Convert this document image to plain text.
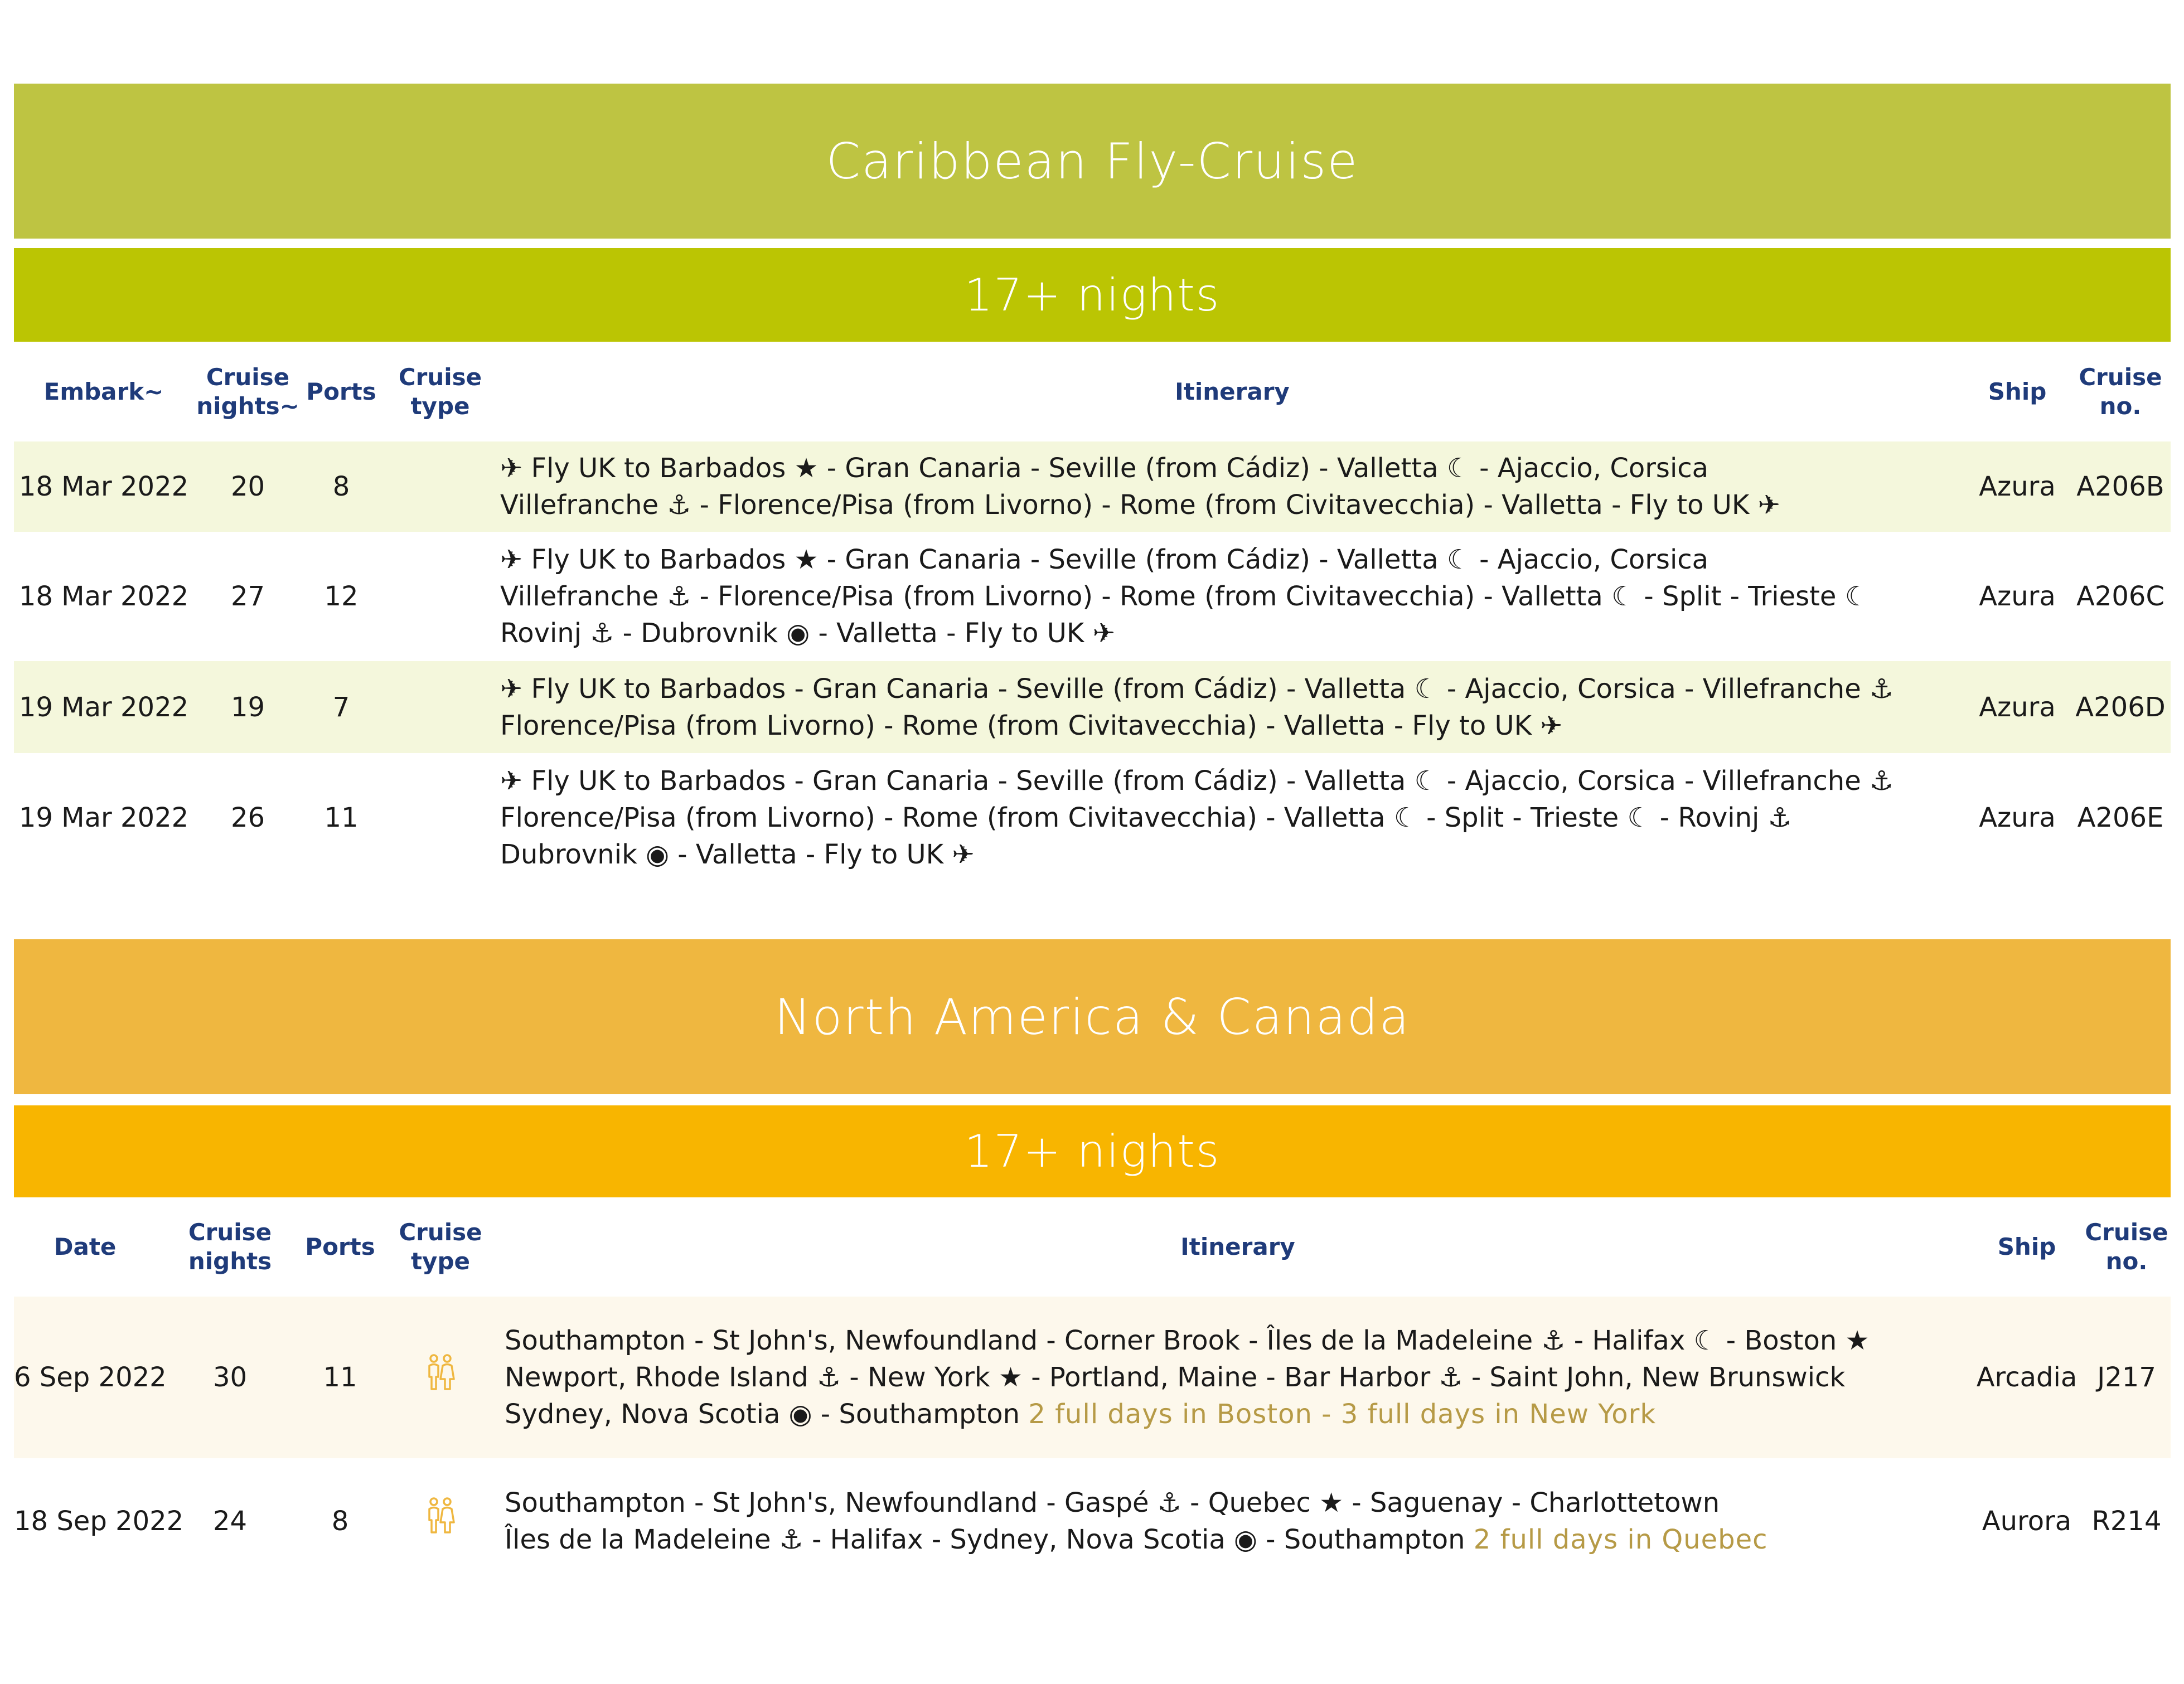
Caribbean Fly-Cruise
17+ nights
Embark~	Cruise nights~	Ports	Cruise type	Itinerary	Ship	Cruise no.
18 Mar 2022	20	8		✈ Fly UK to Barbados ★ - Gran Canaria - Seville (from Cádiz) - Valletta ☾ - Ajaccio, Corsica
Villefranche ⚓ - Florence/Pisa (from Livorno) - Rome (from Civitavecchia) - Valletta - Fly to UK ✈	Azura	A206B
18 Mar 2022	27	12		✈ Fly UK to Barbados ★ - Gran Canaria - Seville (from Cádiz) - Valletta ☾ - Ajaccio, Corsica
Villefranche ⚓ - Florence/Pisa (from Livorno) - Rome (from Civitavecchia) - Valletta ☾ - Split - Trieste ☾
Rovinj ⚓ - Dubrovnik ◉ - Valletta - Fly to UK ✈	Azura	A206C
19 Mar 2022	19	7		✈ Fly UK to Barbados - Gran Canaria - Seville (from Cádiz) - Valletta ☾ - Ajaccio, Corsica - Villefranche ⚓
Florence/Pisa (from Livorno) - Rome (from Civitavecchia) - Valletta - Fly to UK ✈	Azura	A206D
19 Mar 2022	26	11		✈ Fly UK to Barbados - Gran Canaria - Seville (from Cádiz) - Valletta ☾ - Ajaccio, Corsica - Villefranche ⚓
Florence/Pisa (from Livorno) - Rome (from Civitavecchia) - Valletta ☾ - Split - Trieste ☾ - Rovinj ⚓
Dubrovnik ◉ - Valletta - Fly to UK ✈	Azura	A206E
North America & Canada
17+ nights
Date	Cruise nights	Ports	Cruise type	Itinerary	Ship	Cruise no.
6 Sep 2022	30	11		Southampton - St John's, Newfoundland - Corner Brook - Îles de la Madeleine ⚓ - Halifax ☾ - Boston ★
Newport, Rhode Island ⚓ - New York ★ - Portland, Maine - Bar Harbor ⚓ - Saint John, New Brunswick
Sydney, Nova Scotia ◉ - Southampton 2 full days in Boston - 3 full days in New York	Arcadia	J217
18 Sep 2022	24	8		Southampton - St John's, Newfoundland - Gaspé ⚓ - Quebec ★ - Saguenay - Charlottetown
Îles de la Madeleine ⚓ - Halifax - Sydney, Nova Scotia ◉ - Southampton 2 full days in Quebec	Aurora	R214
